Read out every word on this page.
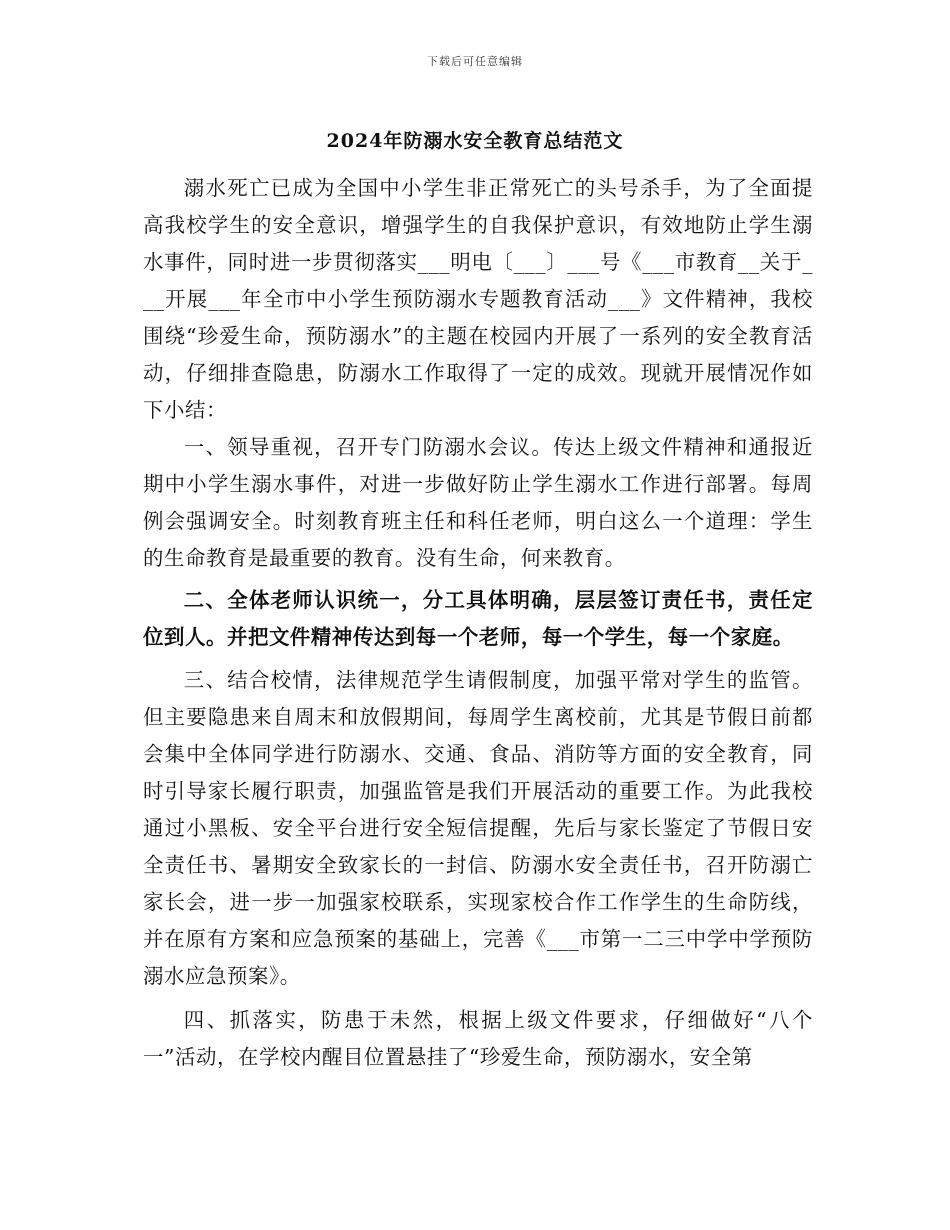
下载后可任意编辑
2024年防溺水安全教育总结范文

溺水死亡已成为全国中小学生非正常死亡的头号杀手，为了全面提高我校学生的安全意识，增强学生的自我保护意识，有效地防止学生溺水事件，同时进一步贯彻落实___明电〔___〕___号《___市教育__关于___开展___年全市中小学生预防溺水专题教育活动___》文件精神，我校围绕“珍爱生命，预防溺水”的主题在校园内开展了一系列的安全教育活动，仔细排查隐患，防溺水工作取得了一定的成效。现就开展情况作如下小结：

一、领导重视，召开专门防溺水会议。传达上级文件精神和通报近期中小学生溺水事件，对进一步做好防止学生溺水工作进行部署。每周例会强调安全。时刻教育班主任和科任老师，明白这么一个道理：学生的生命教育是最重要的教育。没有生命，何来教育。

二、全体老师认识统一，分工具体明确，层层签订责任书，责任定位到人。并把文件精神传达到每一个老师，每一个学生，每一个家庭。

三、结合校情，法律规范学生请假制度，加强平常对学生的监管。但主要隐患来自周末和放假期间，每周学生离校前，尤其是节假日前都会集中全体同学进行防溺水、交通、食品、消防等方面的安全教育，同时引导家长履行职责，加强监管是我们开展活动的重要工作。为此我校通过小黑板、安全平台进行安全短信提醒，先后与家长鉴定了节假日安全责任书、暑期安全致家长的一封信、防溺水安全责任书，召开防溺亡家长会，进一步一加强家校联系，实现家校合作工作学生的生命防线，并在原有方案和应急预案的基础上，完善《___市第一二三中学中学预防溺水应急预案》。

四、抓落实，防患于未然，根据上级文件要求，仔细做好“八个一”活动，在学校内醒目位置悬挂了“珍爱生命，预防溺水，安全第
